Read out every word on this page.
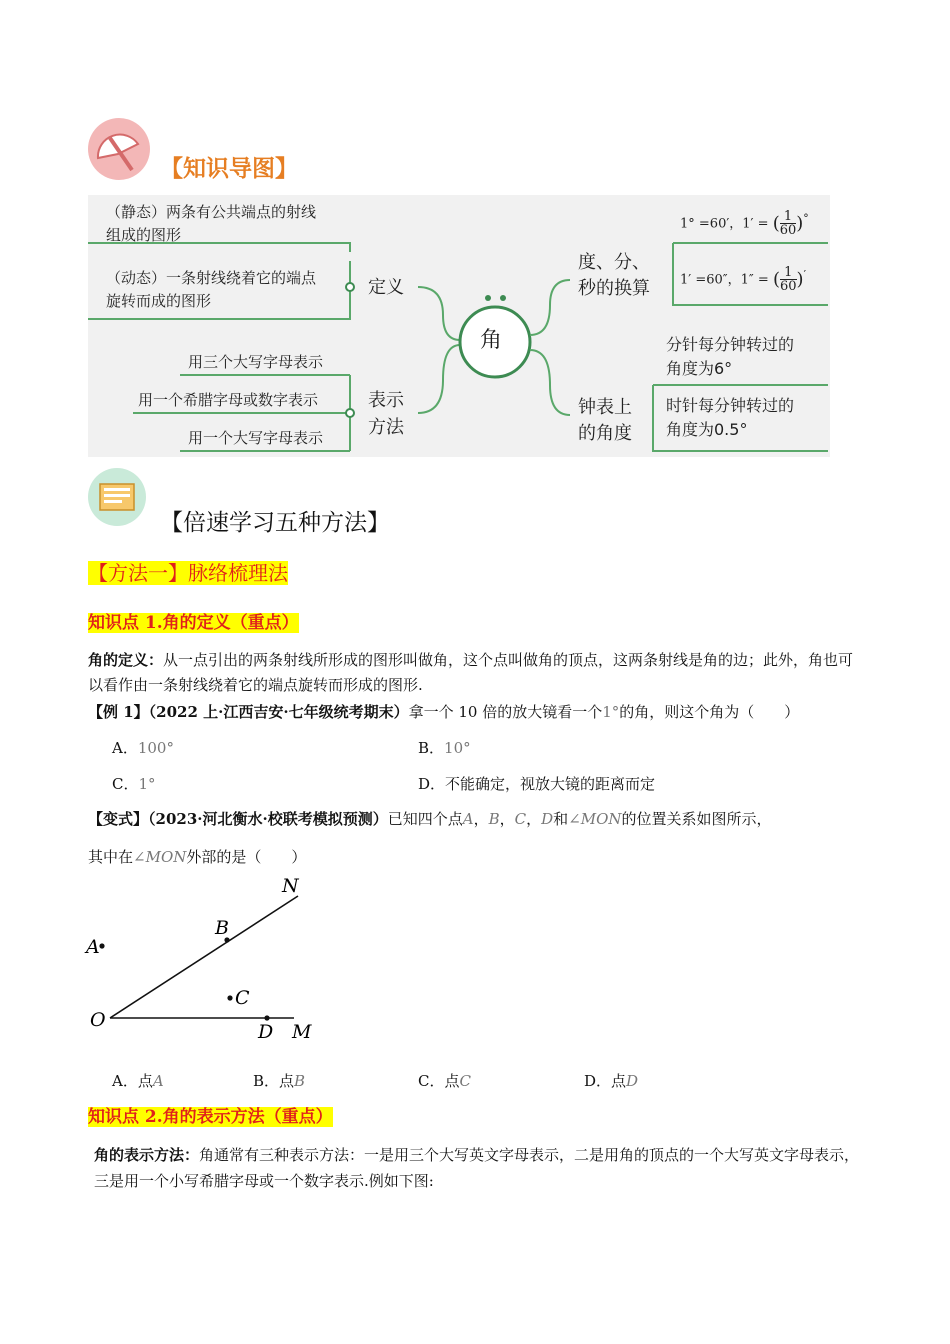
【知识导图】
（静态）两条有公共端点的射线
组成的图形
（动态）一条射线绕着它的端点
旋转而成的图形
定义
用三个大写字母表示
用一个希腊字母或数字表示
用一个大写字母表示
表示
方法
角
度、分、
秒的换算
1° =60′，1′ = ( $\frac{1}{60} )^\circ$
1′ =60″，1″ = ( $\frac{1}{60} )'$
钟表上
的角度
分针每分钟转过的
角度为6°
时针每分钟转过的
角度为0.5°
【倍速学习五种方法】
【方法一】脉络梳理法
知识点 1.角的定义（重点）
角的定义：从一点引出的两条射线所形成的图形叫做角，这个点叫做角的顶点，这两条射线是角的边；此外，角也可以看作由一条射线绕着它的端点旋转而形成的图形.
【例 1】（2022 上·江西吉安·七年级统考期末）拿一个 10 倍的放大镜看一个1°的角，则这个角为（　　）
A．100°	B．10°
C．1°	D．不能确定，视放大镜的距离而定
【变式】（2023·河北衡水·校联考模拟预测）已知四个点A，B，C，D和∠MON的位置关系如图所示，
其中在∠MON外部的是（　　）
N
B
A
C
O
D M
A．点A	B．点B	C．点C	D．点D
知识点 2.角的表示方法（重点）
角的表示方法：角通常有三种表示方法：一是用三个大写英文字母表示，二是用角的顶点的一个大写英文字母表示，三是用一个小写希腊字母或一个数字表示.例如下图:
